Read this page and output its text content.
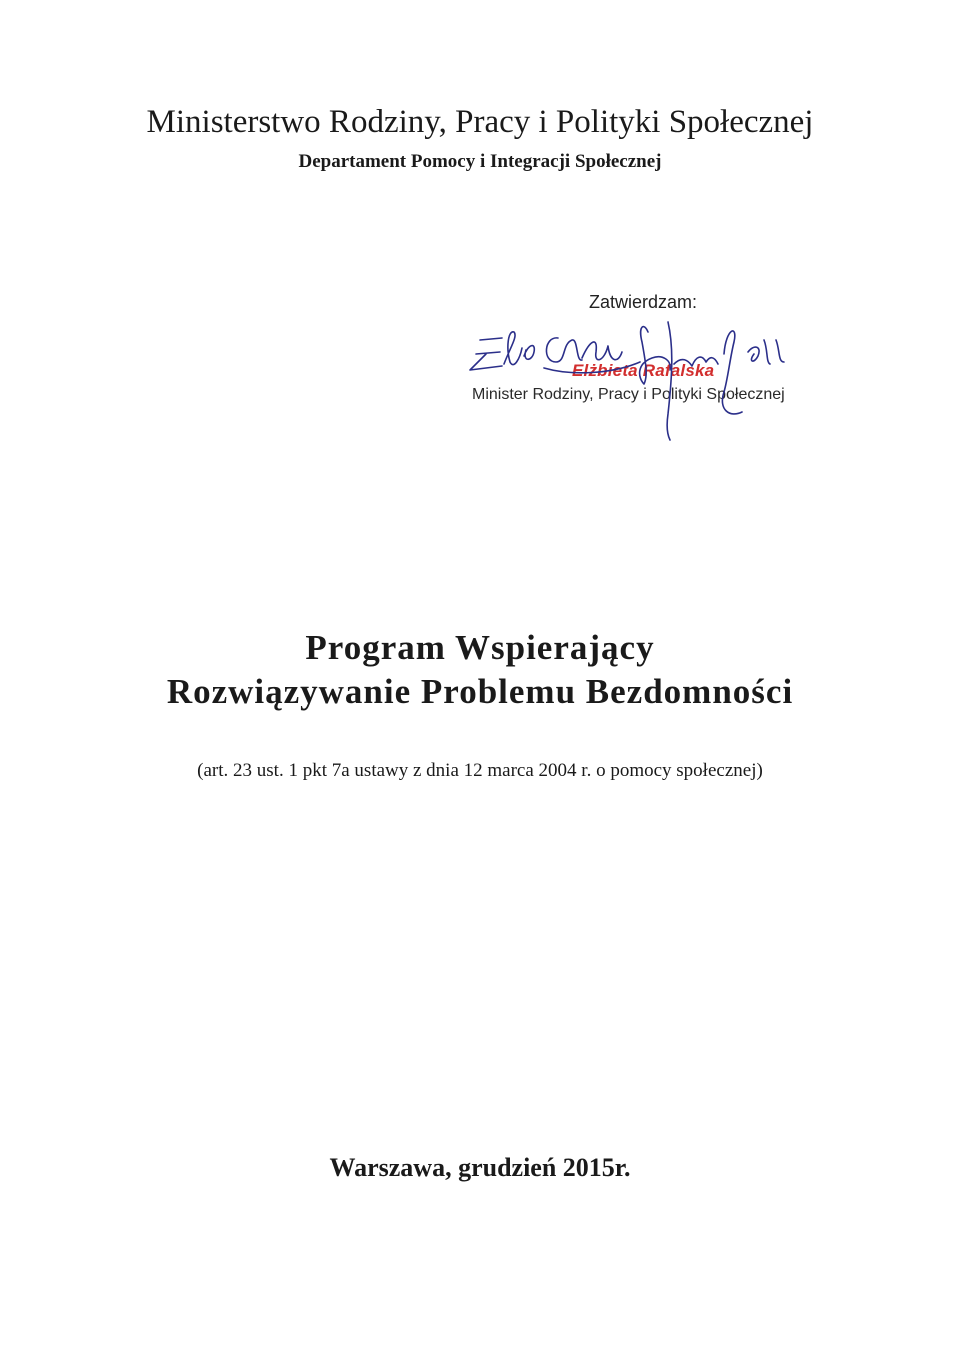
Ministerstwo Rodziny, Pracy i Polityki Społecznej
Departament Pomocy i Integracji Społecznej
Zatwierdzam:
Elżbieta Rafalska
Minister Rodziny, Pracy i Polityki Społecznej
Program Wspierający
Rozwiązywanie Problemu Bezdomności
(art. 23 ust. 1 pkt 7a ustawy z dnia 12 marca 2004 r. o pomocy społecznej)
Warszawa, grudzień 2015r.
